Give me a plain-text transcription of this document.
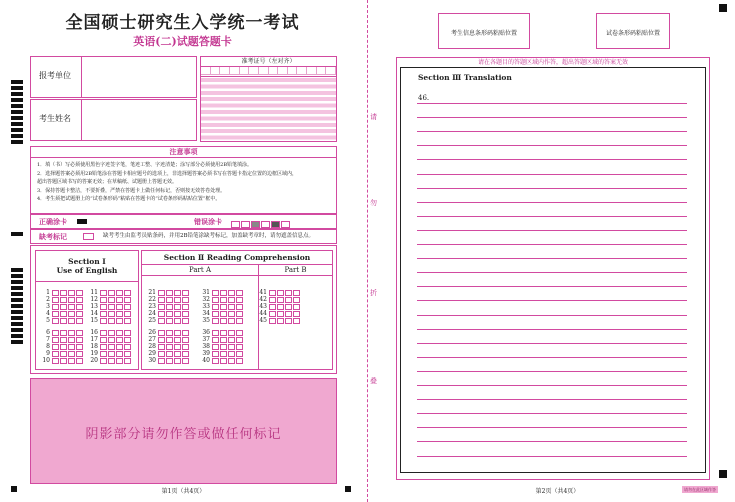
全国硕士研究生入学统一考试
英语(二)试题答题卡
报考单位
考生姓名
准考证号（左对齐）
注意事项
1．填（书）写必须使用黑色字迹签字笔，笔迹工整、字迹清楚；涂写部分必须使用2B铅笔填涂。
2．选择题答案必须用2B铅笔涂在答题卡相应题号的选项上，非选择题答案必须书写在答题卡指定位置的边框区域内，
超出答题区域书写的答案无效；在草稿纸、试题册上答题无效。
3．保持答题卡整洁，不要折叠，严禁在答题卡上做任何标记，否则按无效答卷处理。
4．考生须把试题册上的“试卷条形码”粘贴在答题卡的“试卷条形码粘贴位置”框中。
正确涂卡	错误涂卡
缺考标记	缺考考生由监考员贴条码，并用2B铅笔涂缺考标记，加盖缺考章时，请勿遮盖信息点。
Section Ⅰ
Use of English
Section Ⅱ Reading Comprehension
Part A	Part B
1
2
3
4
5
6
7
8
9
10
11
12
13
14
15
16
17
18
19
20
21
22
23
24
25
26
27
28
29
30
31
32
33
34
35
36
37
38
39
40
41
42
43
44
45
阴影部分请勿作答或做任何标记
第1页（共4页）
请
勿
折
叠
考生信息条形码粘贴位置	试卷条形码粘贴位置
请在各题目的答题区域内作答，超出答题区域的答案无效
Section Ⅲ Translation
46.
第2页（共4页）	请勿在此区域作答
